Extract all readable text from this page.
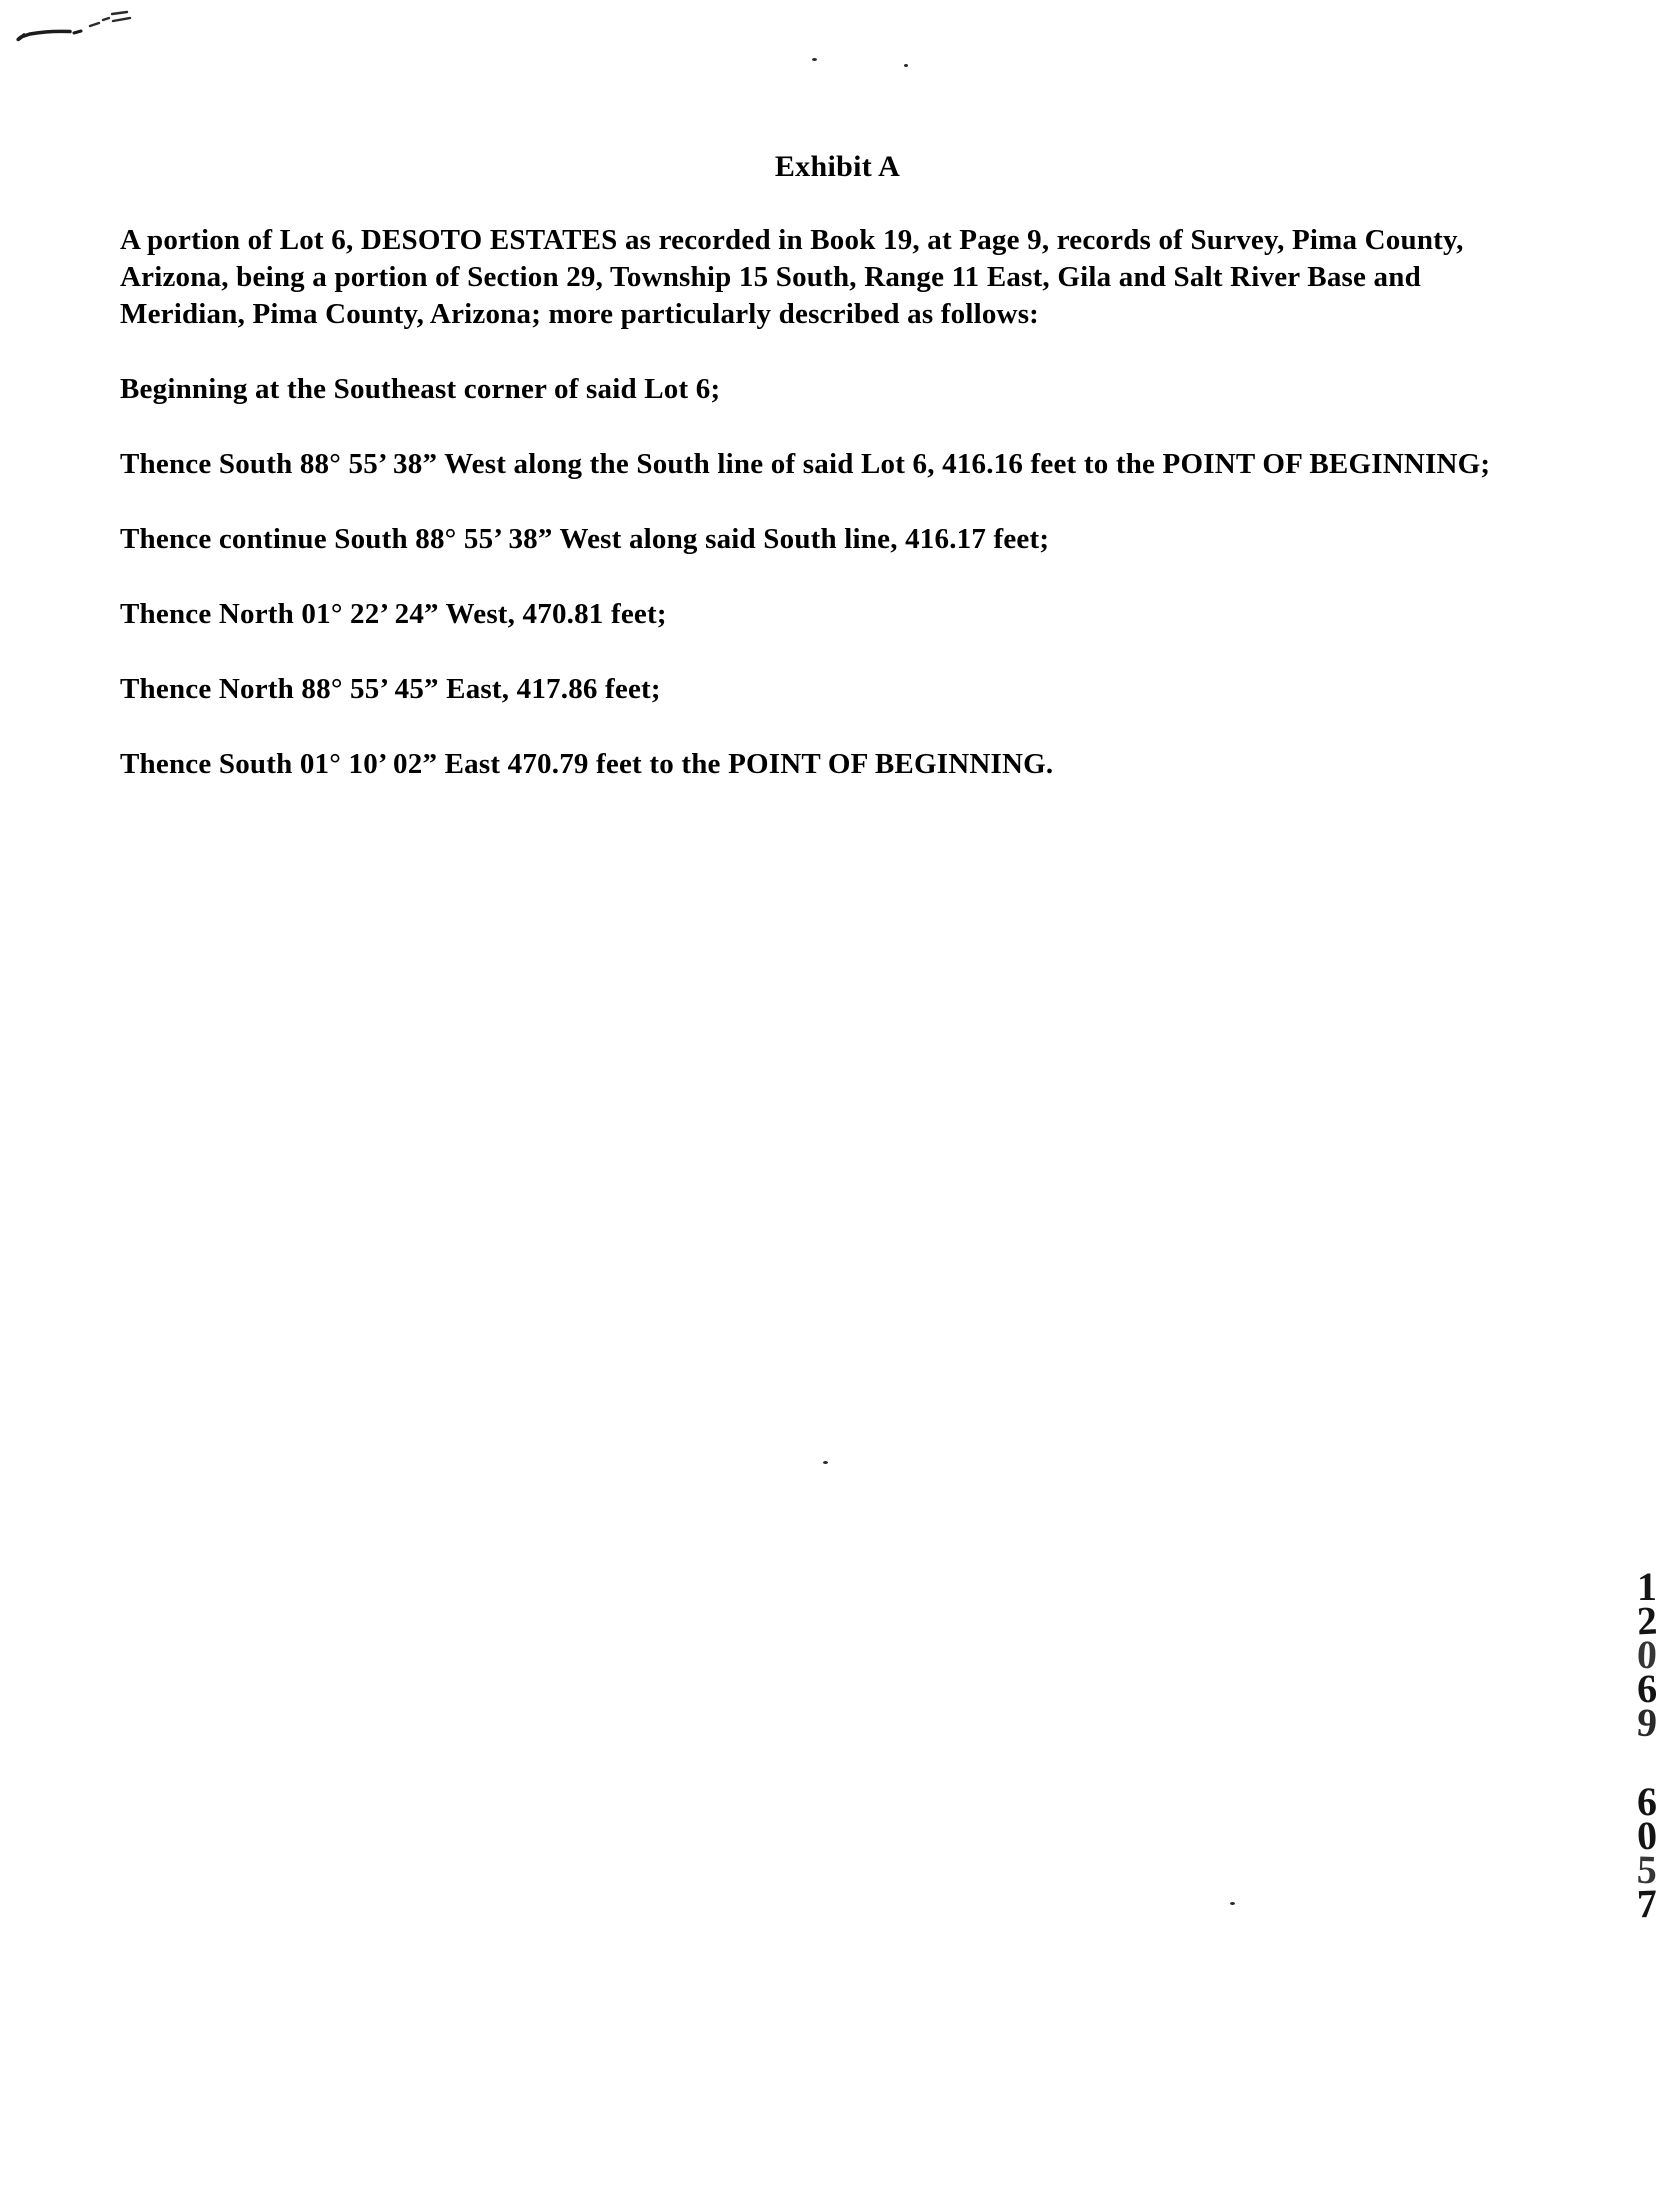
Exhibit A
A portion of Lot 6, DESOTO ESTATES as recorded in Book 19, at Page 9, records of Survey, Pima County,
Arizona, being a portion of Section 29, Township 15 South, Range 11 East, Gila and Salt River Base and
Meridian, Pima County, Arizona; more particularly described as follows:

Beginning at the Southeast corner of said Lot 6;

Thence South 88° 55’ 38” West along the South line of said Lot 6, 416.16 feet to the POINT OF BEGINNING;

Thence continue South 88° 55’ 38” West along said South line, 416.17 feet;

Thence North 01° 22’ 24” West, 470.81 feet;

Thence North 88° 55’ 45” East, 417.86 feet;

Thence South 01° 10’ 02” East 470.79 feet to the POINT OF BEGINNING.

1
2
0
6
9
6
0
5
7
